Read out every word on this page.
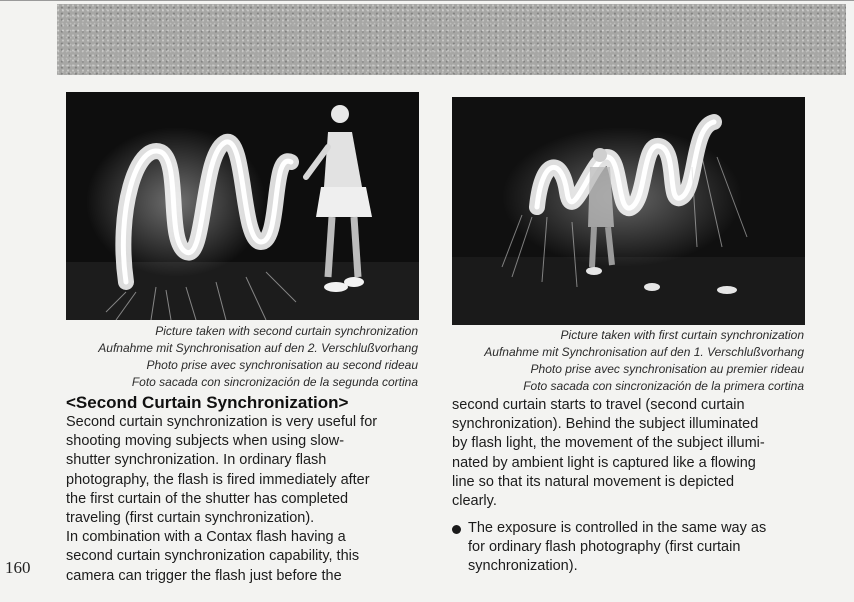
Picture taken with second curtain synchronization
Aufnahme mit Synchronisation auf den 2. Verschlußvorhang
Photo prise avec synchronisation au second rideau
Foto sacada con sincronización de la segunda cortina
Picture taken with first curtain synchronization
Aufnahme mit Synchronisation auf den 1. Verschlußvorhang
Photo prise avec synchronisation au premier rideau
Foto sacada con sincronización de la primera cortina
<Second Curtain Synchronization>
Second curtain synchronization is very useful for
shooting moving subjects when using slow-
shutter synchronization. In ordinary flash
photography, the flash is fired immediately after
the first curtain of the shutter has completed
traveling (first curtain synchronization).
In combination with a Contax flash having a
second curtain synchronization capability, this
camera can trigger the flash just before the
second curtain starts to travel (second curtain
synchronization). Behind the subject illuminated
by flash light, the movement of the subject illumi-
nated by ambient light is captured like a flowing
line so that its natural movement is depicted
clearly.
The exposure is controlled in the same way as
for ordinary flash photography (first curtain
synchronization).
160
